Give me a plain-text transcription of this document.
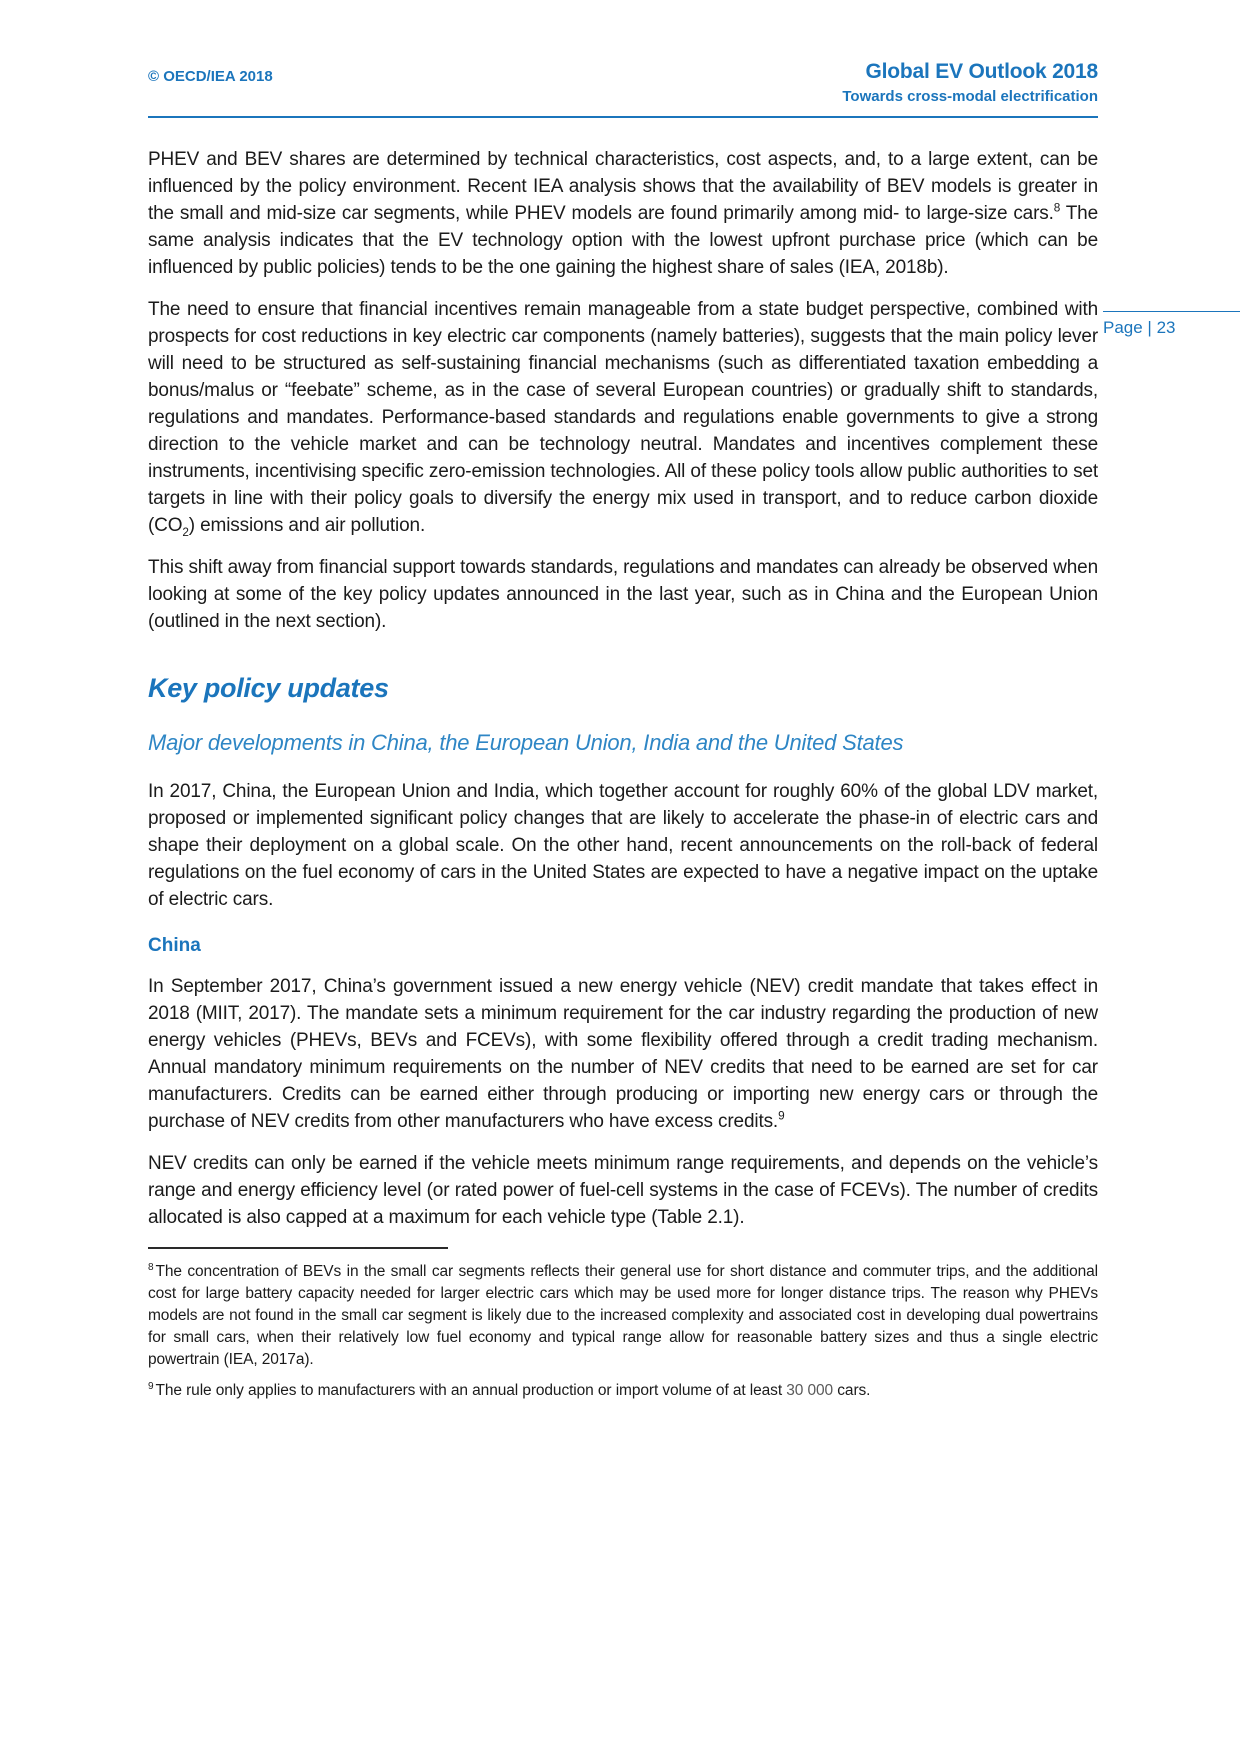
© OECD/IEA 2018	Global EV Outlook 2018
Towards cross-modal electrification
Page | 23

PHEV and BEV shares are determined by technical characteristics, cost aspects, and, to a large extent, can be influenced by the policy environment. Recent IEA analysis shows that the availability of BEV models is greater in the small and mid-size car segments, while PHEV models are found primarily among mid- to large-size cars.$^8$ The same analysis indicates that the EV technology option with the lowest upfront purchase price (which can be influenced by public policies) tends to be the one gaining the highest share of sales (IEA, 2018b).

The need to ensure that financial incentives remain manageable from a state budget perspective, combined with prospects for cost reductions in key electric car components (namely batteries), suggests that the main policy lever will need to be structured as self-sustaining financial mechanisms (such as differentiated taxation embedding a bonus/malus or “feebate” scheme, as in the case of several European countries) or gradually shift to standards, regulations and mandates. Performance-based standards and regulations enable governments to give a strong direction to the vehicle market and can be technology neutral. Mandates and incentives complement these instruments, incentivising specific zero-emission technologies. All of these policy tools allow public authorities to set targets in line with their policy goals to diversify the energy mix used in transport, and to reduce carbon dioxide $(CO_2)$ emissions and air pollution.

This shift away from financial support towards standards, regulations and mandates can already be observed when looking at some of the key policy updates announced in the last year, such as in China and the European Union (outlined in the next section).

Key policy updates
Major developments in China, the European Union, India and the United States

In 2017, China, the European Union and India, which together account for roughly 60% of the global LDV market, proposed or implemented significant policy changes that are likely to accelerate the phase-in of electric cars and shape their deployment on a global scale. On the other hand, recent announcements on the roll-back of federal regulations on the fuel economy of cars in the United States are expected to have a negative impact on the uptake of electric cars.

China

In September 2017, China’s government issued a new energy vehicle (NEV) credit mandate that takes effect in 2018 (MIIT, 2017). The mandate sets a minimum requirement for the car industry regarding the production of new energy vehicles (PHEVs, BEVs and FCEVs), with some flexibility offered through a credit trading mechanism. Annual mandatory minimum requirements on the number of NEV credits that need to be earned are set for car manufacturers. Credits can be earned either through producing or importing new energy cars or through the purchase of NEV credits from other manufacturers who have excess credits.$^9$

NEV credits can only be earned if the vehicle meets minimum range requirements, and depends on the vehicle’s range and energy efficiency level (or rated power of fuel-cell systems in the case of FCEVs). The number of credits allocated is also capped at a maximum for each vehicle type (Table 2.1).

$^8$ The concentration of BEVs in the small car segments reflects their general use for short distance and commuter trips, and the additional cost for large battery capacity needed for larger electric cars which may be used more for longer distance trips. The reason why PHEVs models are not found in the small car segment is likely due to the increased complexity and associated cost in developing dual powertrains for small cars, when their relatively low fuel economy and typical range allow for reasonable battery sizes and thus a single electric powertrain (IEA, 2017a).

$^9$ The rule only applies to manufacturers with an annual production or import volume of at least 30 000 cars.
